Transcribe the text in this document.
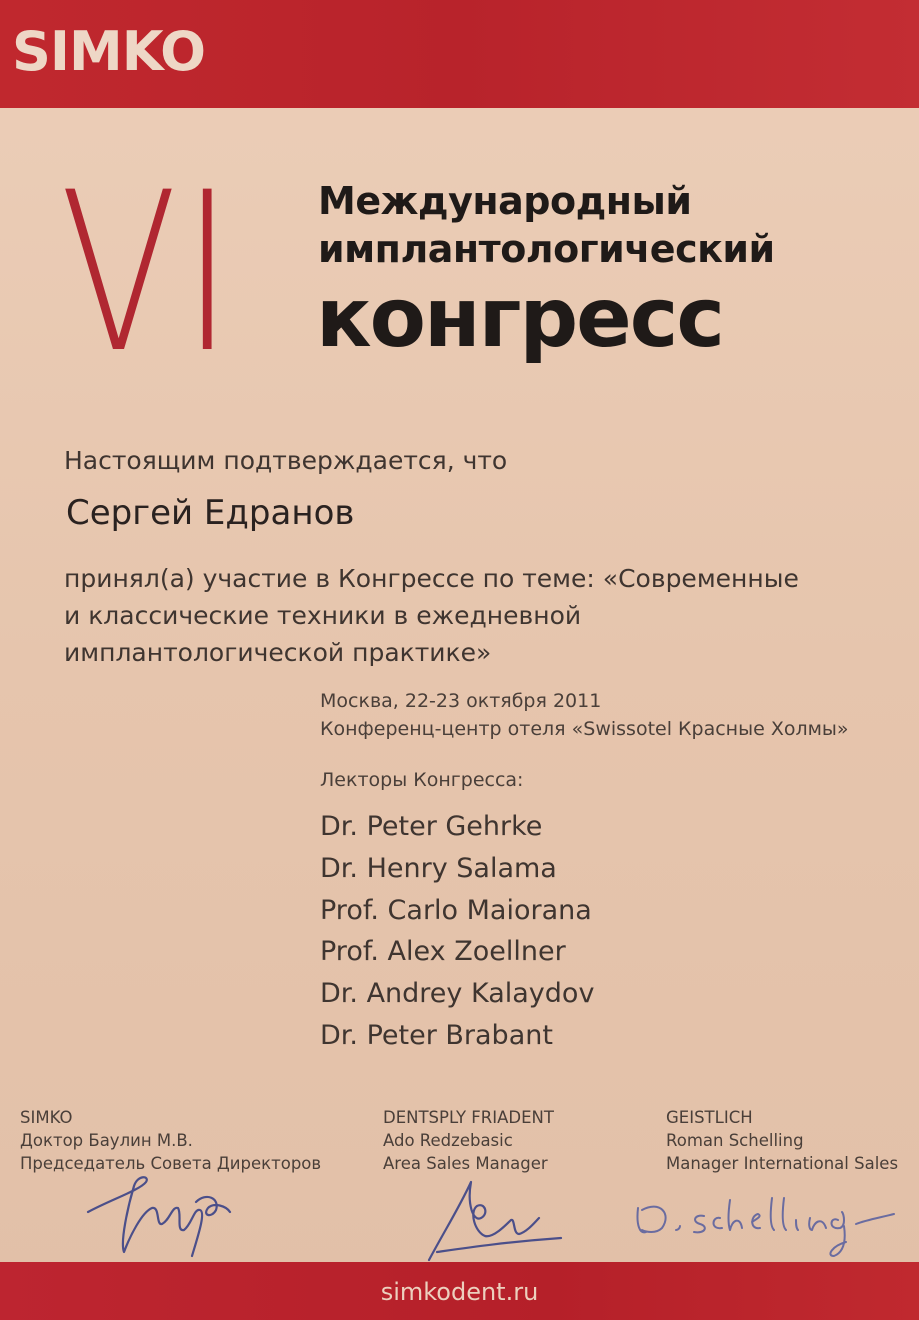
SIMKO
VI Международный
имплантологический
конгресс
Настоящим подтверждается, что
Сергей Едранов
принял(а) участие в Конгрессе по теме: «Современные
и классические техники в ежедневной
имплантологической практике»
Москва, 22-23 октября 2011
Конференц-центр отеля «Swissotel Красные Холмы»
Лекторы Конгресса:
Dr. Peter Gehrke
Dr. Henry Salama
Prof. Carlo Maiorana
Prof. Alex Zoellner
Dr. Andrey Kalaydov
Dr. Peter Brabant
SIMKO
Доктор Баулин М.В.
Председатель Совета Директоров
DENTSPLY FRIADENT
Ado Redzebasic
Area Sales Manager
GEISTLICH
Roman Schelling
Manager International Sales
simkodent.ru
